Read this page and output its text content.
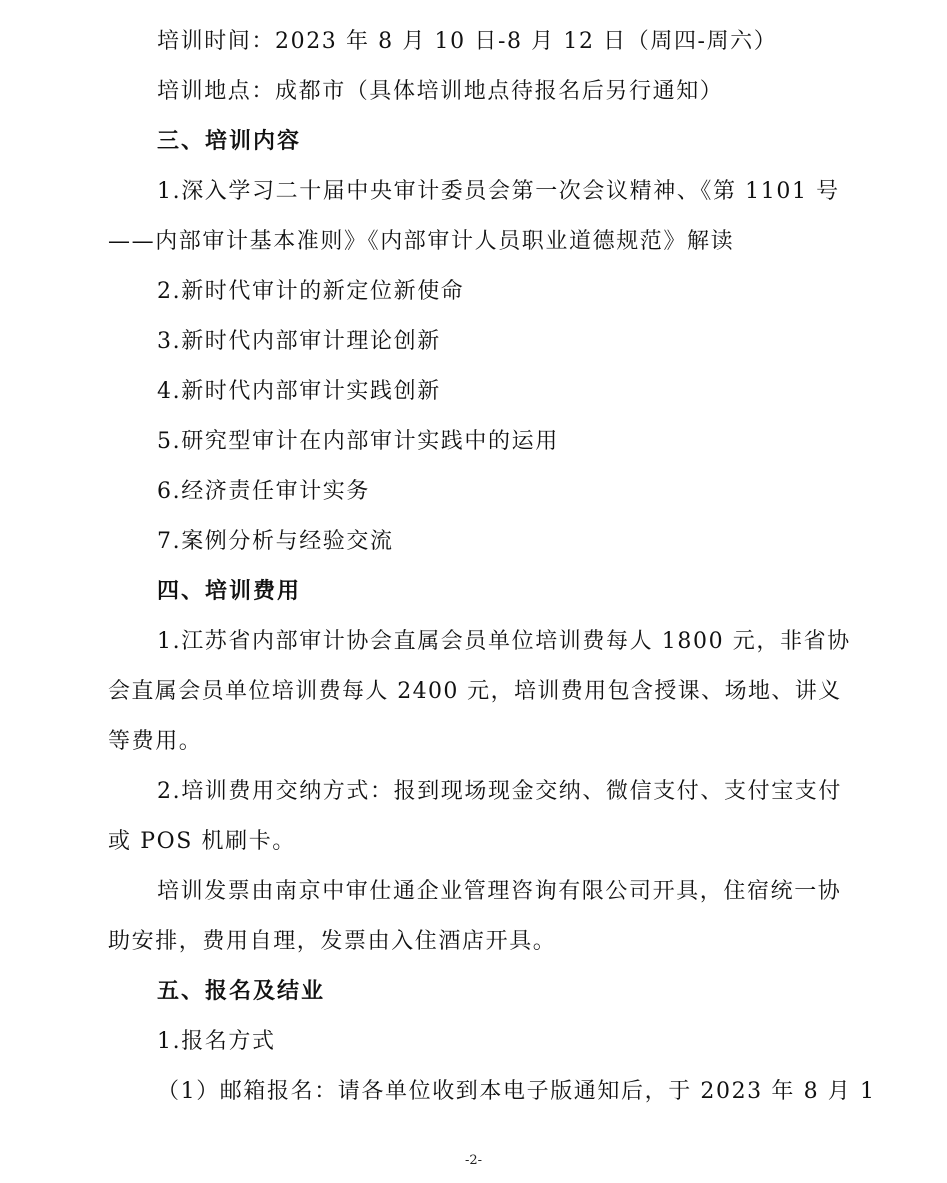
培训时间：2023 年 8 月 10 日-8 月 12 日（周四-周六）
培训地点：成都市（具体培训地点待报名后另行通知）
三、培训内容
1.深入学习二十届中央审计委员会第一次会议精神、《第 1101 号
——内部审计基本准则》《内部审计人员职业道德规范》解读
2.新时代审计的新定位新使命
3.新时代内部审计理论创新
4.新时代内部审计实践创新
5.研究型审计在内部审计实践中的运用
6.经济责任审计实务
7.案例分析与经验交流
四、培训费用
1.江苏省内部审计协会直属会员单位培训费每人 1800 元，非省协
会直属会员单位培训费每人 2400 元，培训费用包含授课、场地、讲义
等费用。
2.培训费用交纳方式：报到现场现金交纳、微信支付、支付宝支付
或 POS 机刷卡。
培训发票由南京中审仕通企业管理咨询有限公司开具，住宿统一协
助安排，费用自理，发票由入住酒店开具。
五、报名及结业
1.报名方式
（1）邮箱报名：请各单位收到本电子版通知后，于 2023 年 8 月 1
-2-
